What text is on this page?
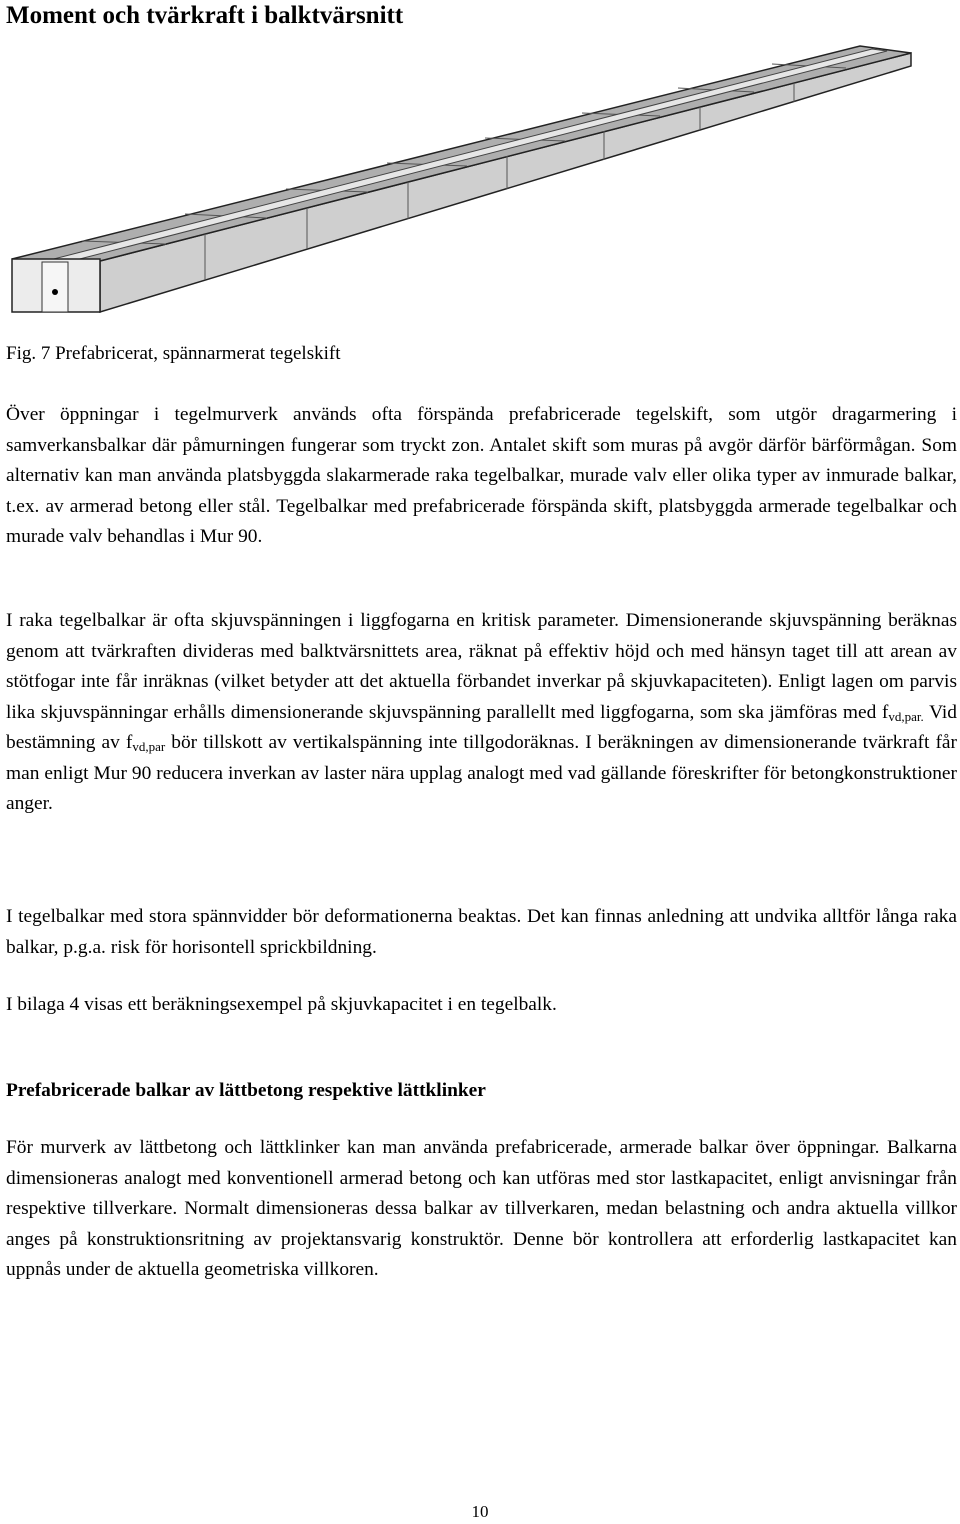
Moment och tvärkraft i balktvärsnitt

Fig. 7 Prefabricerat, spännarmerat tegelskift

Över öppningar i tegelmurverk används ofta förspända prefabricerade tegelskift, som utgör dragarmering i samverkansbalkar där påmurningen fungerar som tryckt zon. Antalet skift som muras på avgör därför bärförmågan. Som alternativ kan man använda platsbyggda slakarmerade raka tegelbalkar, murade valv eller olika typer av inmurade balkar, t.ex. av armerad betong eller stål. Tegelbalkar med prefabricerade förspända skift, platsbyggda armerade tegelbalkar och murade valv behandlas i Mur 90.

I raka tegelbalkar är ofta skjuvspänningen i liggfogarna en kritisk parameter. Dimensionerande skjuvspänning beräknas genom att tvärkraften divideras med balktvärsnittets area, räknat på effektiv höjd och med hänsyn taget till att arean av stötfogar inte får inräknas (vilket betyder att det aktuella förbandet inverkar på skjuvkapaciteten). Enligt lagen om parvis lika skjuvspänningar erhålls dimensionerande skjuvspänning parallellt med liggfogarna, som ska jämföras med $f_{vd,par.}$ Vid bestämning av $f_{vd,par}$ bör tillskott av vertikalspänning inte tillgodoräknas. I beräkningen av dimensionerande tvärkraft får man enligt Mur 90 reducera inverkan av laster nära upplag analogt med vad gällande föreskrifter för betongkonstruktioner anger.

I tegelbalkar med stora spännvidder bör deformationerna beaktas. Det kan finnas anledning att undvika alltför långa raka balkar, p.g.a. risk för horisontell sprickbildning.

I bilaga 4 visas ett beräkningsexempel på skjuvkapacitet i en tegelbalk.

Prefabricerade balkar av lättbetong respektive lättklinker

För murverk av lättbetong och lättklinker kan man använda prefabricerade, armerade balkar över öppningar. Balkarna dimensioneras analogt med konventionell armerad betong och kan utföras med stor lastkapacitet, enligt anvisningar från respektive tillverkare. Normalt dimensioneras dessa balkar av tillverkaren, medan belastning och andra aktuella villkor anges på konstruktionsritning av projektansvarig konstruktör. Denne bör kontrollera att erforderlig lastkapacitet kan uppnås under de aktuella geometriska villkoren.

10
